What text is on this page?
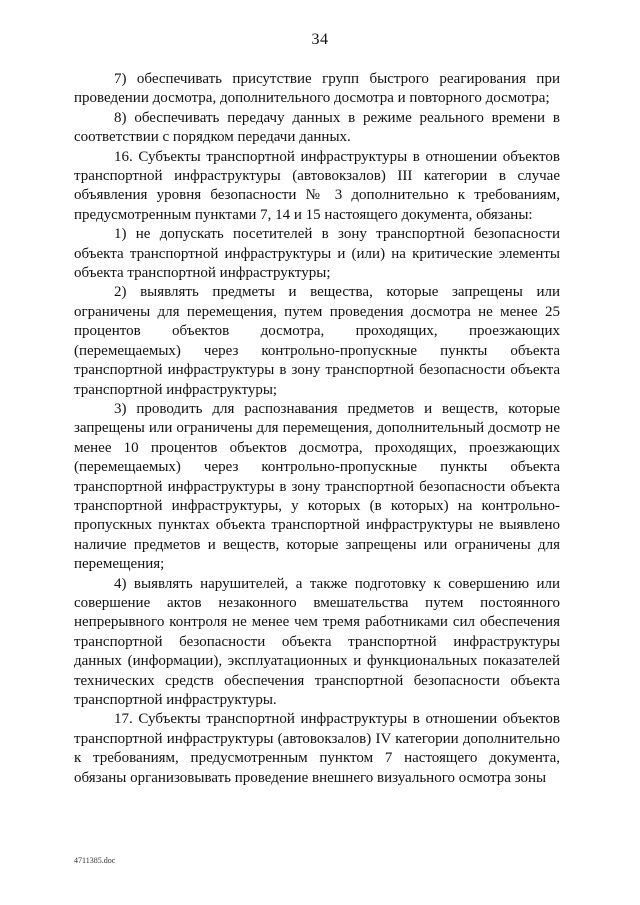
34

7) обеспечивать присутствие групп быстрого реагирования при проведении досмотра, дополнительного досмотра и повторного досмотра;

8) обеспечивать передачу данных в режиме реального времени в соответствии с порядком передачи данных.

16. Субъекты транспортной инфраструктуры в отношении объектов транспортной инфраструктуры (автовокзалов) III категории в случае объявления уровня безопасности № 3 дополнительно к требованиям, предусмотренным пунктами 7, 14 и 15 настоящего документа, обязаны:

1) не допускать посетителей в зону транспортной безопасности объекта транспортной инфраструктуры и (или) на критические элементы объекта транспортной инфраструктуры;

2) выявлять предметы и вещества, которые запрещены или ограничены для перемещения, путем проведения досмотра не менее 25 процентов объектов досмотра, проходящих, проезжающих (перемещаемых) через контрольно-пропускные пункты объекта транспортной инфраструктуры в зону транспортной безопасности объекта транспортной инфраструктуры;

3) проводить для распознавания предметов и веществ, которые запрещены или ограничены для перемещения, дополнительный досмотр не менее 10 процентов объектов досмотра, проходящих, проезжающих (перемещаемых) через контрольно-пропускные пункты объекта транспортной инфраструктуры в зону транспортной безопасности объекта транспортной инфраструктуры, у которых (в которых) на контрольно-пропускных пунктах объекта транспортной инфраструктуры не выявлено наличие предметов и веществ, которые запрещены или ограничены для перемещения;

4) выявлять нарушителей, а также подготовку к совершению или совершение актов незаконного вмешательства путем постоянного непрерывного контроля не менее чем тремя работниками сил обеспечения транспортной безопасности объекта транспортной инфраструктуры данных (информации), эксплуатационных и функциональных показателей технических средств обеспечения транспортной безопасности объекта транспортной инфраструктуры.

17. Субъекты транспортной инфраструктуры в отношении объектов транспортной инфраструктуры (автовокзалов) IV категории дополнительно к требованиям, предусмотренным пунктом 7 настоящего документа, обязаны организовывать проведение внешнего визуального осмотра зоны

4711385.doc
